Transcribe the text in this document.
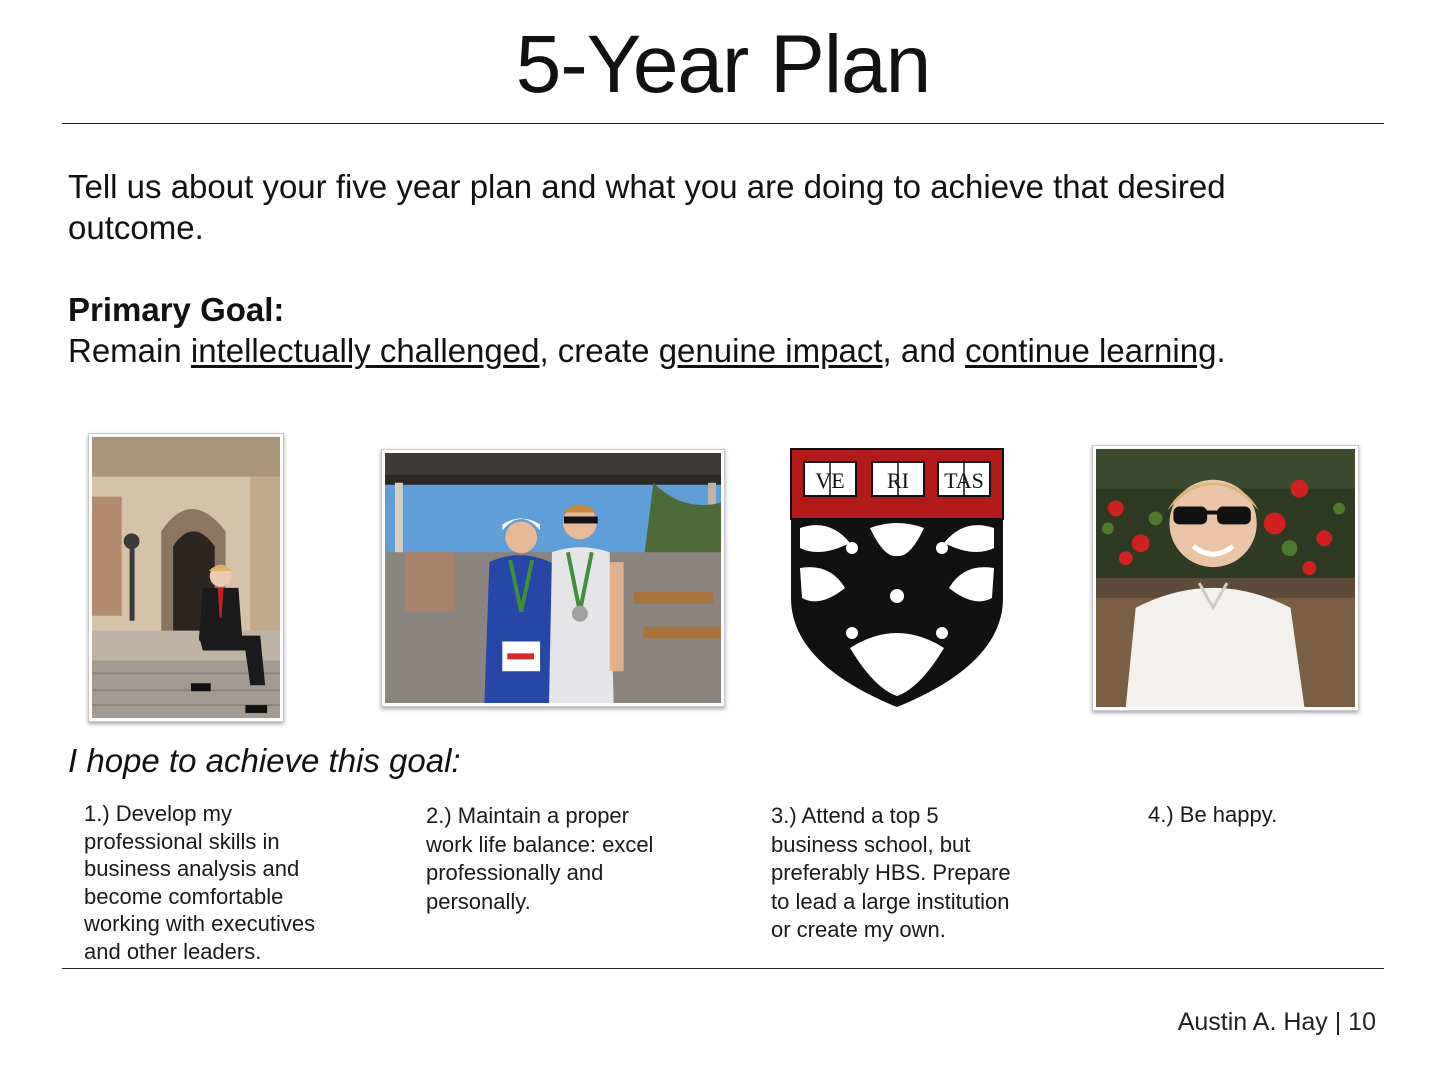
5-Year Plan
Tell us about your five year plan and what you are doing to achieve that desired outcome.
Primary Goal:
Remain intellectually challenged, create genuine impact, and continue learning.
VE RI TAS
I hope to achieve this goal:
1.) Develop my
professional skills in
business analysis and
become comfortable
working with executives
and other leaders.
2.) Maintain a proper
work life balance: excel
professionally and
personally.
3.) Attend a top 5
business school, but
preferably HBS. Prepare
to lead a large institution
or create my own.
4.) Be happy.
Austin A. Hay | 10
